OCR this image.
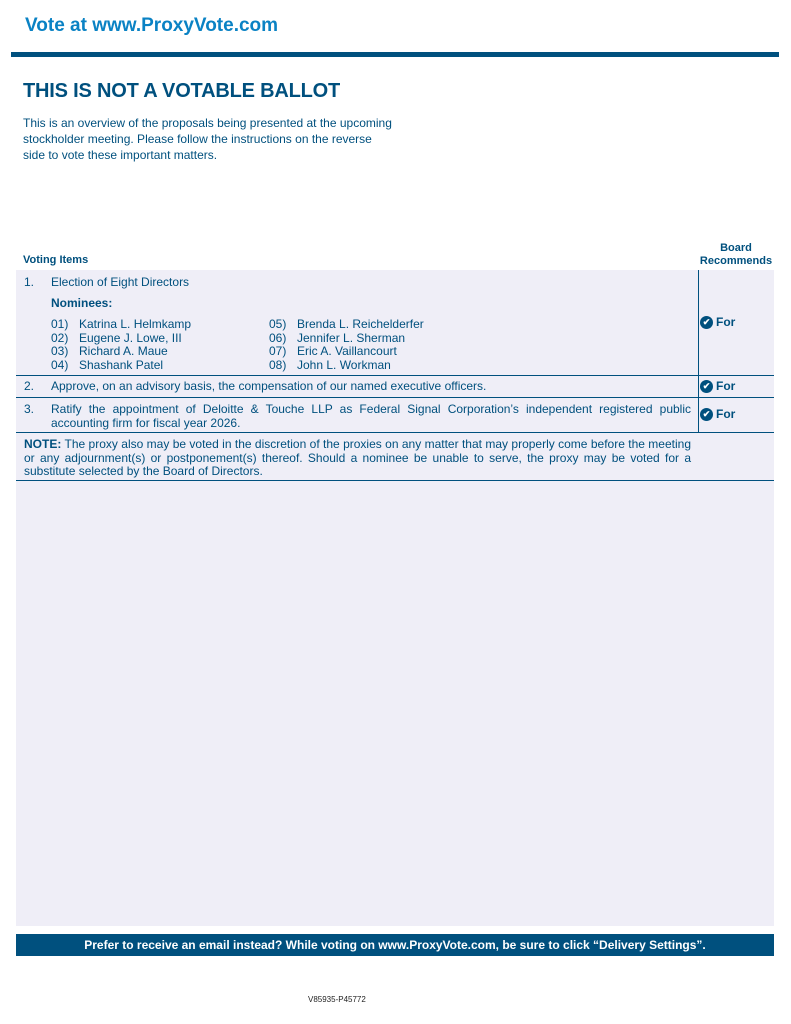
Vote at www.ProxyVote.com
THIS IS NOT A VOTABLE BALLOT
This is an overview of the proposals being presented at the upcoming stockholder meeting. Please follow the instructions on the reverse side to vote these important matters.
Voting Items
Board
Recommends
1. Election of Eight Directors
Nominees:
01) Katrina L. Helmkamp
02) Eugene J. Lowe, III
03) Richard A. Maue
04) Shashank Patel
05) Brenda L. Reichelderfer
06) Jennifer L. Sherman
07) Eric A. Vaillancourt
08) John L. Workman
✔ For
2. Approve, on an advisory basis, the compensation of our named executive officers.	✔ For
3. Ratify the appointment of Deloitte & Touche LLP as Federal Signal Corporation’s independent registered public accounting firm for fiscal year 2026.
✔ For
NOTE: The proxy also may be voted in the discretion of the proxies on any matter that may properly come before the meeting or any adjournment(s) or postponement(s) thereof. Should a nominee be unable to serve, the proxy may be voted for a substitute selected by the Board of Directors.
Prefer to receive an email instead? While voting on www.ProxyVote.com, be sure to click “Delivery Settings”.
V85935-P45772
